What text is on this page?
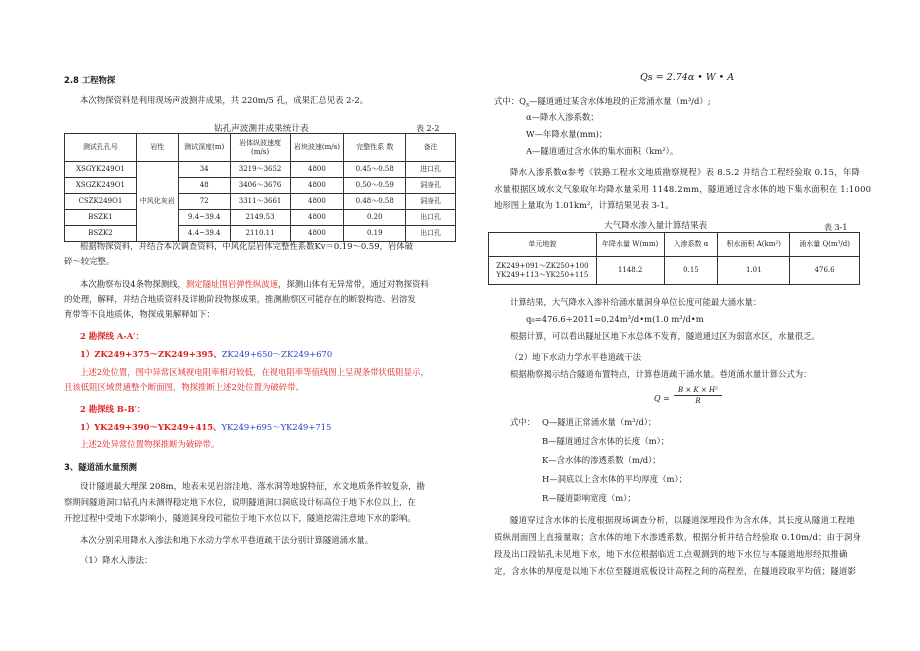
2.8 工程物探
本次物探资料是利用现场声波测井成果，共 220m/5 孔，成果汇总见表 2-2。
钻孔声波测井成果统计表	表 2-2
测试孔孔号	岩性	测试深度(m)	岩体纵波速度(m/s)	岩块波速(m/s)	完整性系 数	备注
XSGYK249O1	中风化灰岩	34	3219～3652	4800	0.45～0.58	进口孔
XSGZK249O1		48	3406～3676	4800	0.50～0.59	洞身孔
CSZK249O1		72	3311～3661	4800	0.48～0.58	洞身孔
BSZK1		9.4~39.4	2149.53	4800	0.20	出口孔
BSZK2		4.4~39.4	2110.11	4800	0.19	出口孔
根据物探资料，并结合本次调查资料，中风化层岩体完整性系数Kv＝0.19～0.59，岩体破
碎～较完整。
本次勘察布设4条物探测线，测定隧址围岩弹性纵波速，探测山体有无异常带，通过对物探资料
的处理，解释，并结合地质资料及详勘阶段物探成果，推测勘察区可能存在的断裂构造、岩溶发
育带等不良地质体，物探成果解释如下：
2 勘探线 A-A′：
1）ZK249+375～ZK249+395、ZK249+650～ZK249+670
上述2处位置，图中异常区域视电阻率相对较低，在视电阻率等值线图上呈现条带状低阻显示，
且该低阻区域贯通整个断面图，物探推断上述2处位置为破碎带。
2 勘探线 B-B′：
1）YK249+390～YK249+415、YK249+695～YK249+715
上述2处异常位置物探推断为破碎带。
3、隧道涌水量预测
设计隧道最大埋深 208m，地表未见岩溶洼地、落水洞等地貌特征，水文地质条件较复杂，勘
察期间隧道洞口钻孔内未测得稳定地下水位，说明隧道洞口洞底设计标高位于地下水位以上，在
开挖过程中受地下水影响小，隧道洞身段可能位于地下水位以下，隧道挖需注意地下水的影响。
本次分别采用降水入渗法和地下水动力学水平巷道疏干法分别计算隧道涌水量。
（1）降水入渗法：
Qs = 2.74α • W • A
式中：$Q_s—$隧道通过某含水体地段的正常涌水量（m³/d）;
α—降水入渗系数；
W—年降水量(mm)；
A—隧道通过含水体的集水面积（km²）。
降水入渗系数α参考《铁路工程水文地质勘察规程》表 8.5.2 并结合工程经验取 0.15，年降
水量根据区域水文气象取年均降水量采用 1148.2mm，隧道通过含水体的地下集水面积在 1:1000
地形图上量取为 1.01km²，计算结果见表 3-1。
大气降水渗入量计算结果表	表 3-1
单元地貌	年降水量 W(mm)	入渗系数 α	积水面积 A(km²)	涌水量 Q(m³/d)

ZK249+091～ZK250+100
YK249+113～YK250+115	1148.2	0.15	1.01	476.6
计算结果，大气降水入渗补给涌水量洞身单位长度可能最大涌水量：
q₀=476.6÷2011=0.24m³/d•m(1.0 m³/d•m
根据计算，可以看出隧址区地下水总体不发育，隧道通过区为弱富水区，水量很乏。
（2）地下水动力学水平巷道疏干法
根据勘察揭示结合隧道布置特点，计算巷道疏干涌水量。巷道涌水量计算公式为：
$Q = \frac{\text{B × K × H²}}{R}$
式中： Q—隧道正常涌水量（m³/d）；
B—隧道通过含水体的长度（m）；
K—含水体的渗透系数（m/d）；
H—洞底以上含水体的平均厚度（m）；
R—隧道影响宽度（m）；
隧道穿过含水体的长度根据现场调查分析，以隧道深埋段作为含水体，其长度从隧道工程地
质纵剖面图上直接量取；含水体的地下水渗透系数，根据分析并结合经验取 0.10m/d；由于洞身
段及出口段钻孔未见地下水，地下水位根据临近工点观测到的地下水位与本隧道地形经拟推确
定，含水体的厚度是以地下水位至隧道底板设计高程之间的高程差，在隧道段取平均值；隧道影
